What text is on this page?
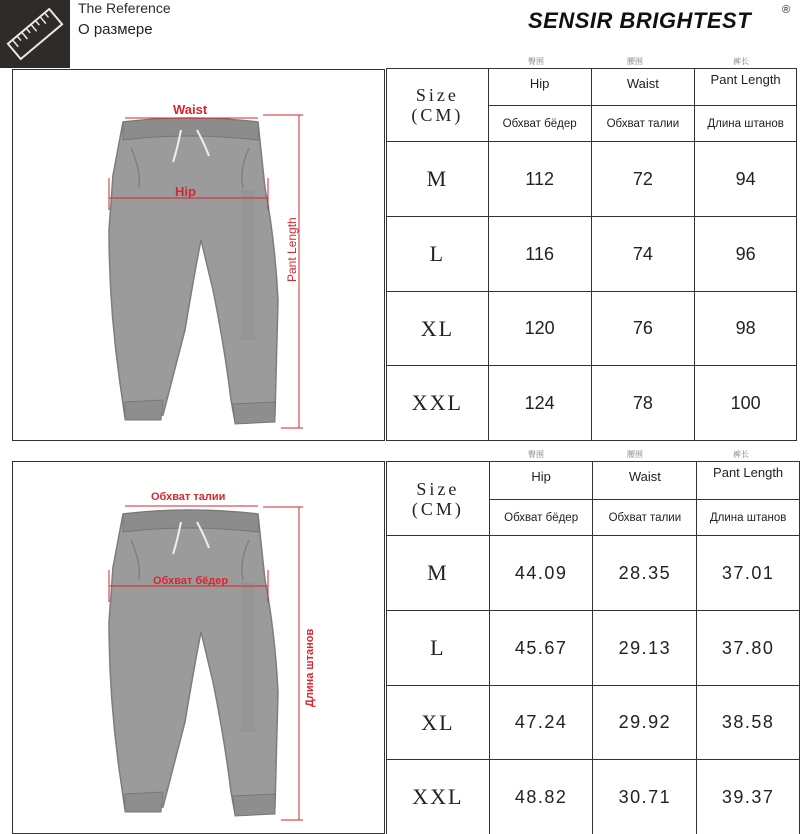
The Reference
О размере	SENSIR BRIGHTEST	®
Waist
Hip
Pant Length
Обхват талии
Обхват бёдер
Длина штанов
臀围	腰围	裤长
臀围	腰围	裤长
Size
(CM)	Hip	Waist	Pant Length
	Обхват бёдер	Обхват талии	Длина штанов
M	112	72	94
L	116	74	96
XL	120	76	98
XXL	124	78	100
Size
(CM)	Hip	Waist	Pant Length
	Обхват бёдер	Обхват талии	Длина штанов
M	44.09	28.35	37.01
L	45.67	29.13	37.80
XL	47.24	29.92	38.58
XXL	48.82	30.71	39.37
